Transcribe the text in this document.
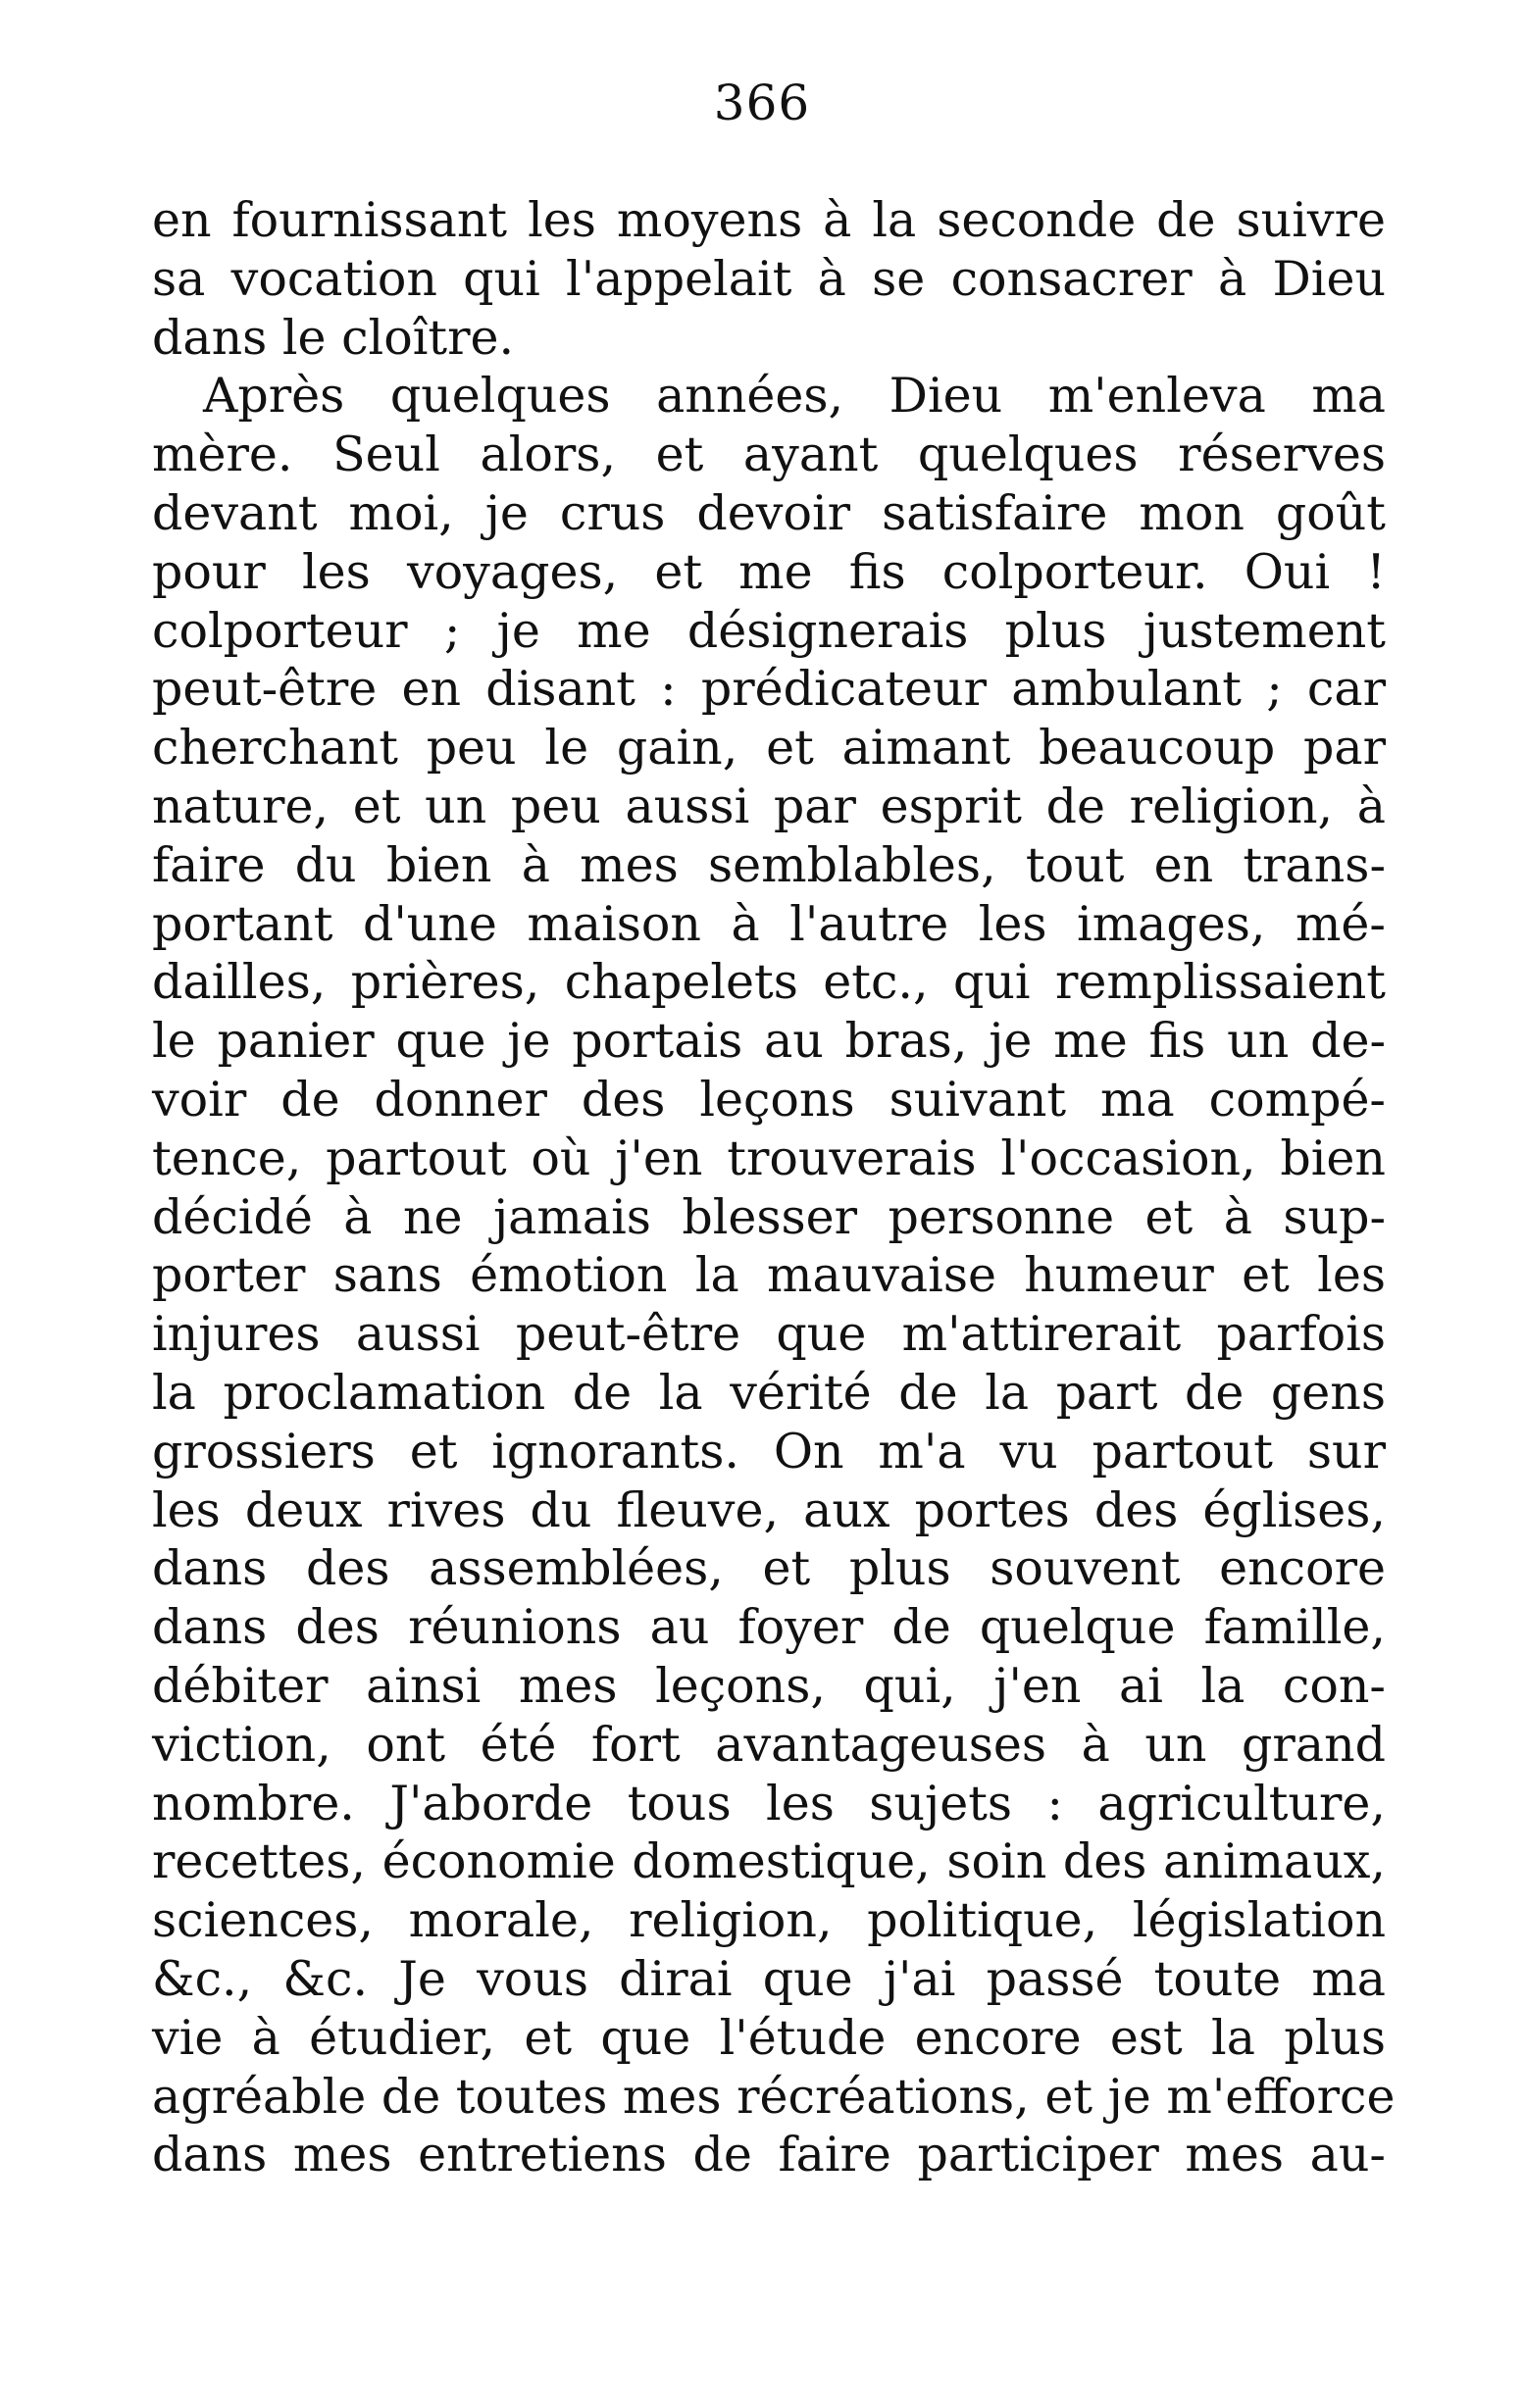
366
en fournissant les moyens à la seconde de suivre
sa vocation qui l'appelait à se consacrer à Dieu
dans le cloître.
Après quelques années, Dieu m'enleva ma
mère. Seul alors, et ayant quelques réserves
devant moi, je crus devoir satisfaire mon goût
pour les voyages, et me fis colporteur. Oui !
colporteur ; je me désignerais plus justement
peut-être en disant : prédicateur ambulant ; car
cherchant peu le gain, et aimant beaucoup par
nature, et un peu aussi par esprit de religion, à
faire du bien à mes semblables, tout en trans-
portant d'une maison à l'autre les images, mé-
dailles, prières, chapelets etc., qui remplissaient
le panier que je portais au bras, je me fis un de-
voir de donner des leçons suivant ma compé-
tence, partout où j'en trouverais l'occasion, bien
décidé à ne jamais blesser personne et à sup-
porter sans émotion la mauvaise humeur et les
injures aussi peut-être que m'attirerait parfois
la proclamation de la vérité de la part de gens
grossiers et ignorants. On m'a vu partout sur
les deux rives du fleuve, aux portes des églises,
dans des assemblées, et plus souvent encore
dans des réunions au foyer de quelque famille,
débiter ainsi mes leçons, qui, j'en ai la con-
viction, ont été fort avantageuses à un grand
nombre. J'aborde tous les sujets : agriculture,
recettes, économie domestique, soin des animaux,
sciences, morale, religion, politique, législation
&c., &c. Je vous dirai que j'ai passé toute ma
vie à étudier, et que l'étude encore est la plus
agréable de toutes mes récréations, et je m'efforce
dans mes entretiens de faire participer mes au-
